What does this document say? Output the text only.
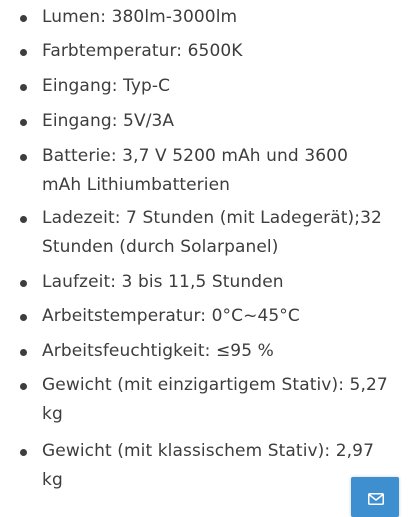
Lumen: 380lm-3000lm
Farbtemperatur: 6500K
Eingang: Typ-C
Eingang: 5V/3A
Batterie: 3,7 V 5200 mAh und 3600 mAh Lithiumbatterien
Ladezeit: 7 Stunden (mit Ladegerät);32 Stunden (durch Solarpanel)
Laufzeit: 3 bis 11,5 Stunden
Arbeitstemperatur: 0°C~45°C
Arbeitsfeuchtigkeit: ≤95 %
Gewicht (mit einzigartigem Stativ): 5,27 kg
Gewicht (mit klassischem Stativ): 2,97 kg
